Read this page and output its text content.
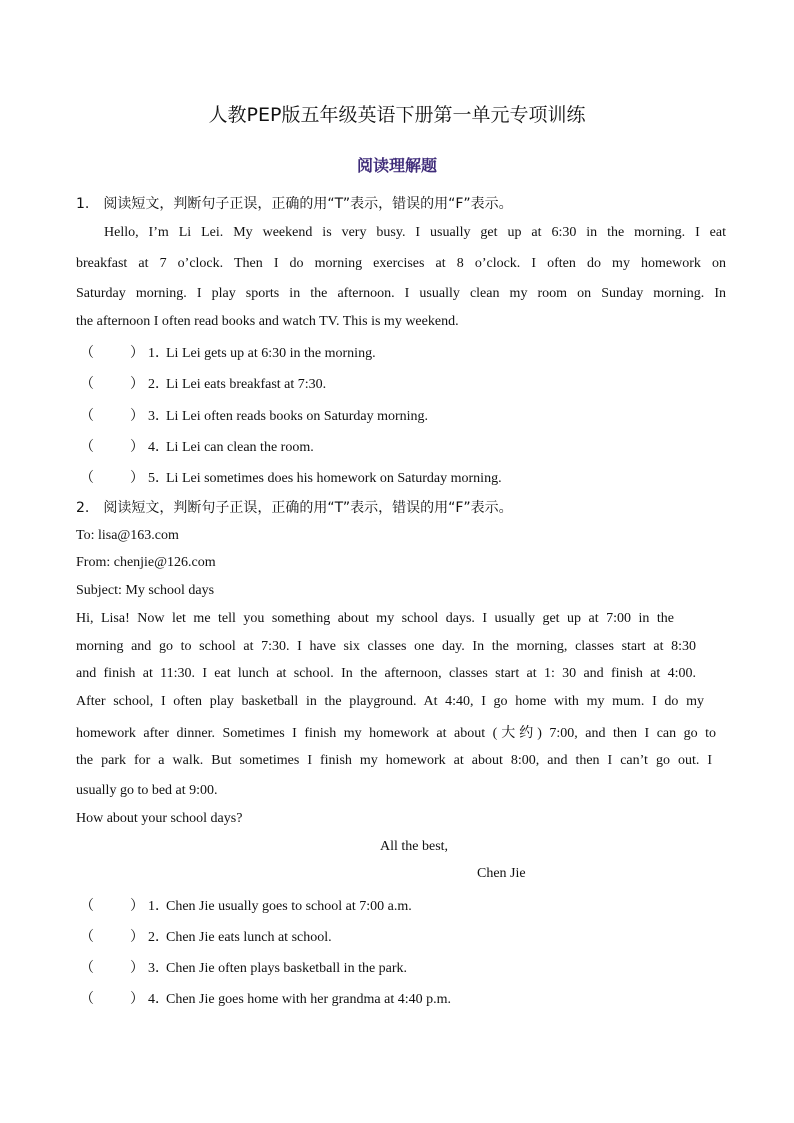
人教PEP版五年级英语下册第一单元专项训练
阅读理解题
1.　阅读短文，判断句子正误，正确的用“T”表示，错误的用“F”表示。
Hello, I’m Li Lei. My weekend is very busy. I usually get up at 6:30 in the morning. I eat
breakfast at 7 o’clock. Then I do morning exercises at 8 o’clock. I often do my homework on
Saturday morning. I play sports in the afternoon. I usually clean my room on Sunday morning. In
the afternoon I often read books and watch TV. This is my weekend.
（	） 1．Li Lei gets up at 6:30 in the morning.
（	） 2．Li Lei eats breakfast at 7:30.
（	） 3．Li Lei often reads books on Saturday morning.
（	） 4．Li Lei can clean the room.
（	） 5．Li Lei sometimes does his homework on Saturday morning.
2.　阅读短文，判断句子正误，正确的用“T”表示，错误的用“F”表示。
To: lisa@163.com
From: chenjie@126.com
Subject: My school days
Hi, Lisa! Now let me tell you something about my school days. I usually get up at 7:00 in the
morning and go to school at 7:30. I have six classes one day. In the morning, classes start at 8:30
and finish at 11:30. I eat lunch at school. In the afternoon, classes start at 1: 30 and finish at 4:00.
After school, I often play basketball in the playground. At 4:40, I go home with my mum. I do my
homework after dinner. Sometimes I finish my homework at about (大约) 7:00, and then I can go to
the park for a walk. But sometimes I finish my homework at about 8:00, and then I can’t go out. I
usually go to bed at 9:00.
How about your school days?
All the best,
Chen Jie
（	） 1．Chen Jie usually goes to school at 7:00 a.m.
（	） 2．Chen Jie eats lunch at school.
（	） 3．Chen Jie often plays basketball in the park.
（	） 4．Chen Jie goes home with her grandma at 4:40 p.m.
